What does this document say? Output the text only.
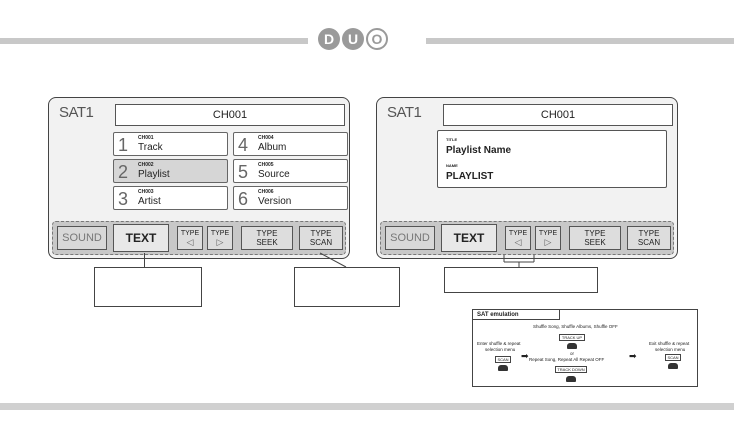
D U O
SAT1	CH001
1 CH001
Track
2 CH002
Playlist
3 CH003
Artist
4 CH004
Album
5 CH005
Source
6 CH006
Version
SOUND	TEXT	TYPE
◁
TYPE
▷
TYPE
SEEK
TYPE
SCAN
SAT1	CH001
TITLE
Playlist Name
NAME
PLAYLIST
SOUND	TEXT	TYPE
◁
TYPE
▷
TYPE
SEEK
TYPE
SCAN
SAT emulation
Shuffle Song, Shuffle Albums, Shuffle OFF
Enter shuffle & repeat
selection menu
SCAN ➡
TRACK UP
or
Repeat Song, Repeat All Repeat OFF
TRACK DOWN
➡
Exit shuffle & repeat
selection menu
SCAN
